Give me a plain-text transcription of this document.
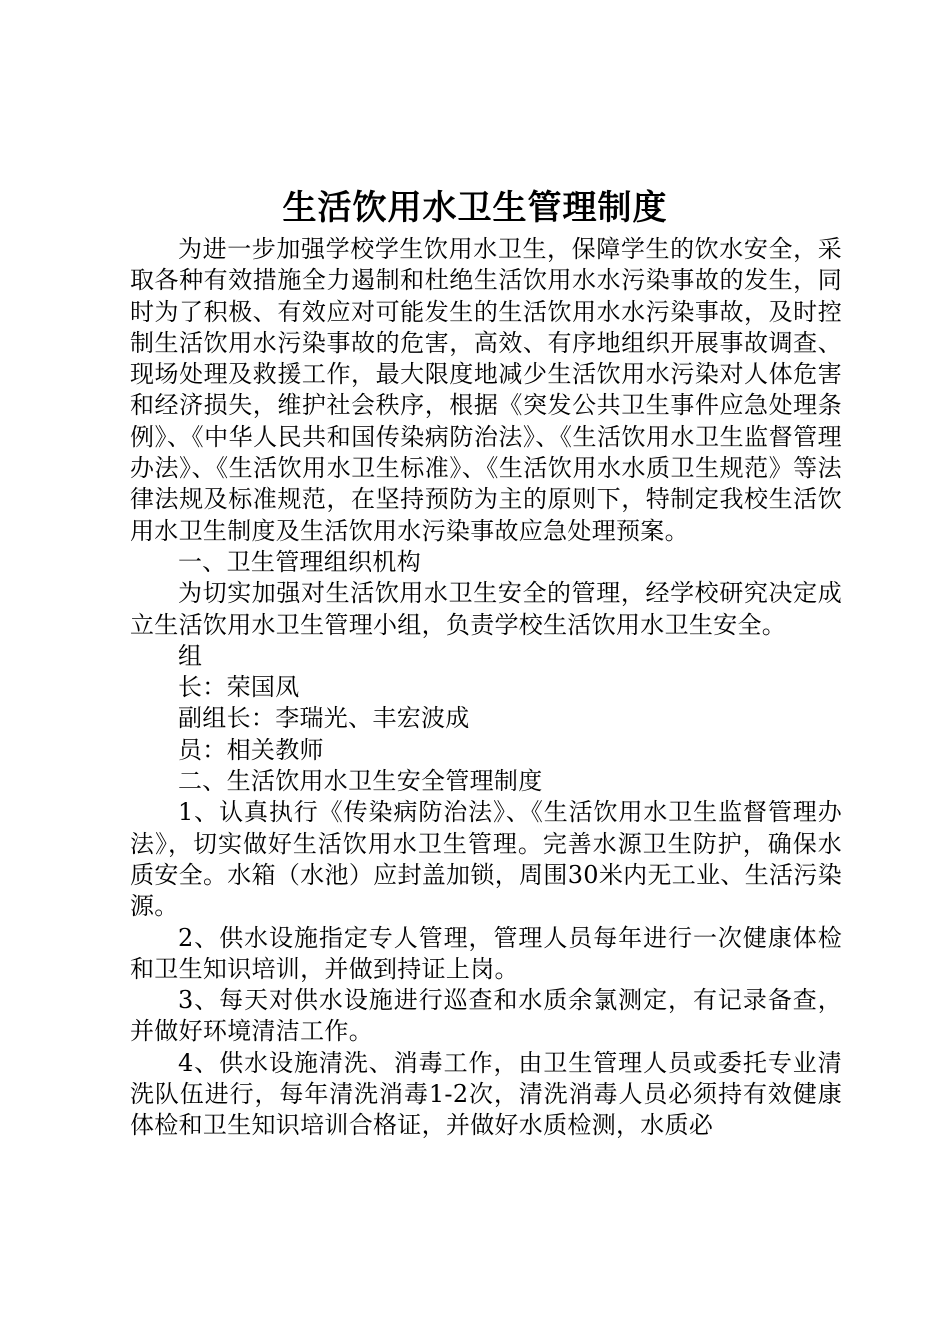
生活饮用水卫生管理制度

为进一步加强学校学生饮用水卫生，保障学生的饮水安全，采取各种有效措施全力遏制和杜绝生活饮用水水污染事故的发生，同时为了积极、有效应对可能发生的生活饮用水水污染事故，及时控制生活饮用水污染事故的危害，高效、有序地组织开展事故调查、现场处理及救援工作，最大限度地减少生活饮用水污染对人体危害和经济损失，维护社会秩序，根据《突发公共卫生事件应急处理条例》、《中华人民共和国传染病防治法》、《生活饮用水卫生监督管理办法》、《生活饮用水卫生标准》、《生活饮用水水质卫生规范》等法律法规及标准规范，在坚持预防为主的原则下，特制定我校生活饮用水卫生制度及生活饮用水污染事故应急处理预案。

一、卫生管理组织机构

为切实加强对生活饮用水卫生安全的管理，经学校研究决定成立生活饮用水卫生管理小组，负责学校生活饮用水卫生安全。

组

长：荣国凤

副组长：李瑞光、丰宏波成

员：相关教师

二、生活饮用水卫生安全管理制度

1、认真执行《传染病防治法》、《生活饮用水卫生监督管理办法》，切实做好生活饮用水卫生管理。完善水源卫生防护，确保水质安全。水箱（水池）应封盖加锁，周围30米内无工业、生活污染源。

2、供水设施指定专人管理，管理人员每年进行一次健康体检和卫生知识培训，并做到持证上岗。

3、每天对供水设施进行巡查和水质余氯测定，有记录备查，并做好环境清洁工作。

4、供水设施清洗、消毒工作，由卫生管理人员或委托专业清洗队伍进行，每年清洗消毒1-2次，清洗消毒人员必须持有效健康体检和卫生知识培训合格证，并做好水质检测，水质必
